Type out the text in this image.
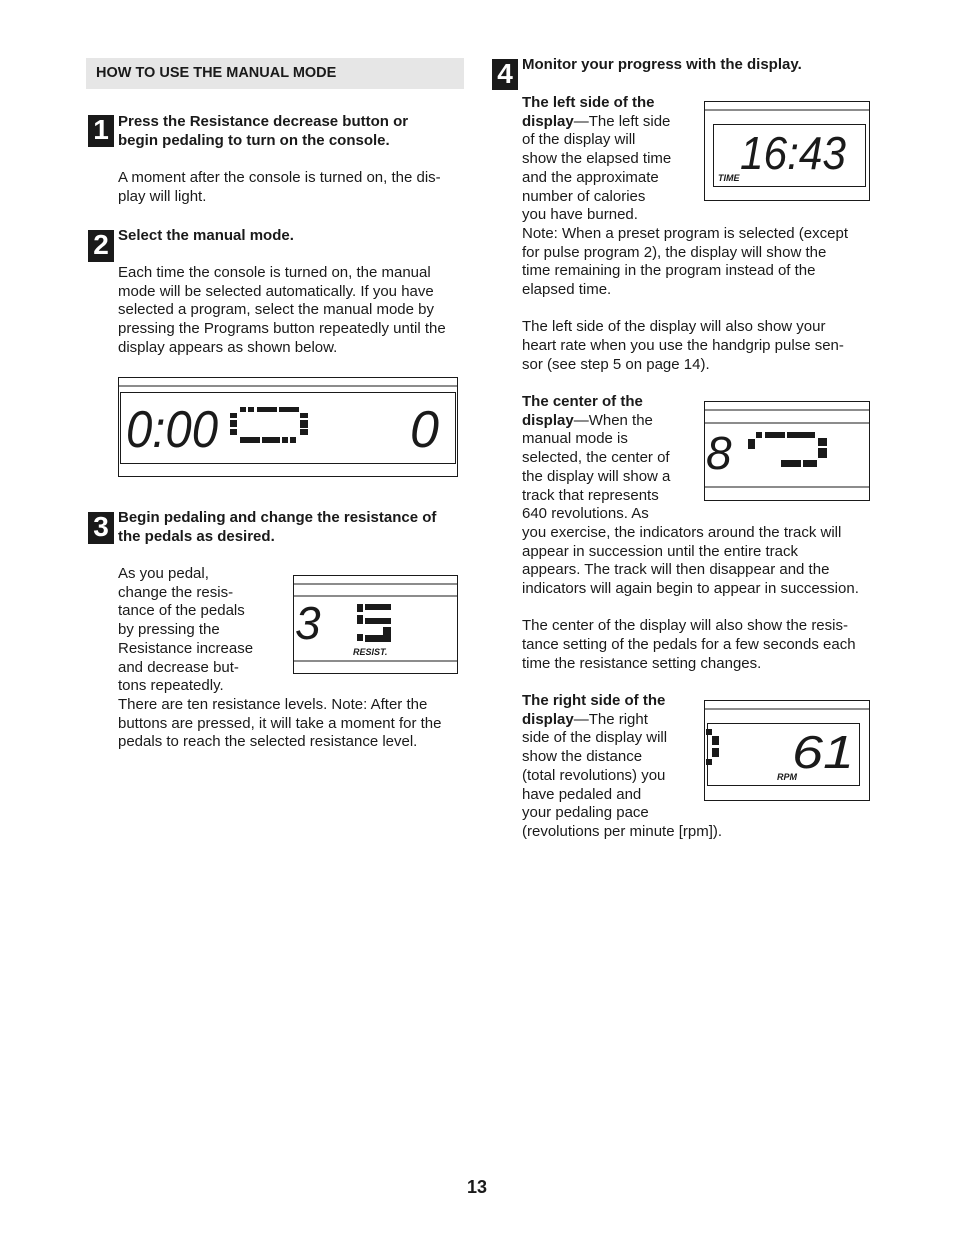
HOW TO USE THE MANUAL MODE
1 Press the Resistance decrease button or
begin pedaling to turn on the console.
A moment after the console is turned on, the dis-
play will light.
2 Select the manual mode.
Each time the console is turned on, the manual
mode will be selected automatically. If you have
selected a program, select the manual mode by
pressing the Programs button repeatedly until the
display appears as shown below.
0:00	0
3 Begin pedaling and change the resistance of
the pedals as desired.
As you pedal,
change the resis-
tance of the pedals
by pressing the
Resistance increase
and decrease but-
tons repeatedly.
There are ten resistance levels. Note: After the
buttons are pressed, it will take a moment for the
pedals to reach the selected resistance level.
3
RESIST.
4 Monitor your progress with the display.
The left side of the
display—The left side
of the display will
show the elapsed time
and the approximate
number of calories
you have burned.
Note: When a preset program is selected (except
for pulse program 2), the display will show the
time remaining in the program instead of the
elapsed time.
The left side of the display will also show your
heart rate when you use the handgrip pulse sen-
sor (see step 5 on page 14).
16:43
TIME
The center of the
display—When the
manual mode is
selected, the center of
the display will show a
track that represents
640 revolutions. As
you exercise, the indicators around the track will
appear in succession until the entire track
appears. The track will then disappear and the
indicators will again begin to appear in succession.
The center of the display will also show the resis-
tance setting of the pedals for a few seconds each
time the resistance setting changes.
8
The right side of the
display—The right
side of the display will
show the distance
(total revolutions) you
have pedaled and
your pedaling pace
(revolutions per minute [rpm]).
61
RPM
13
